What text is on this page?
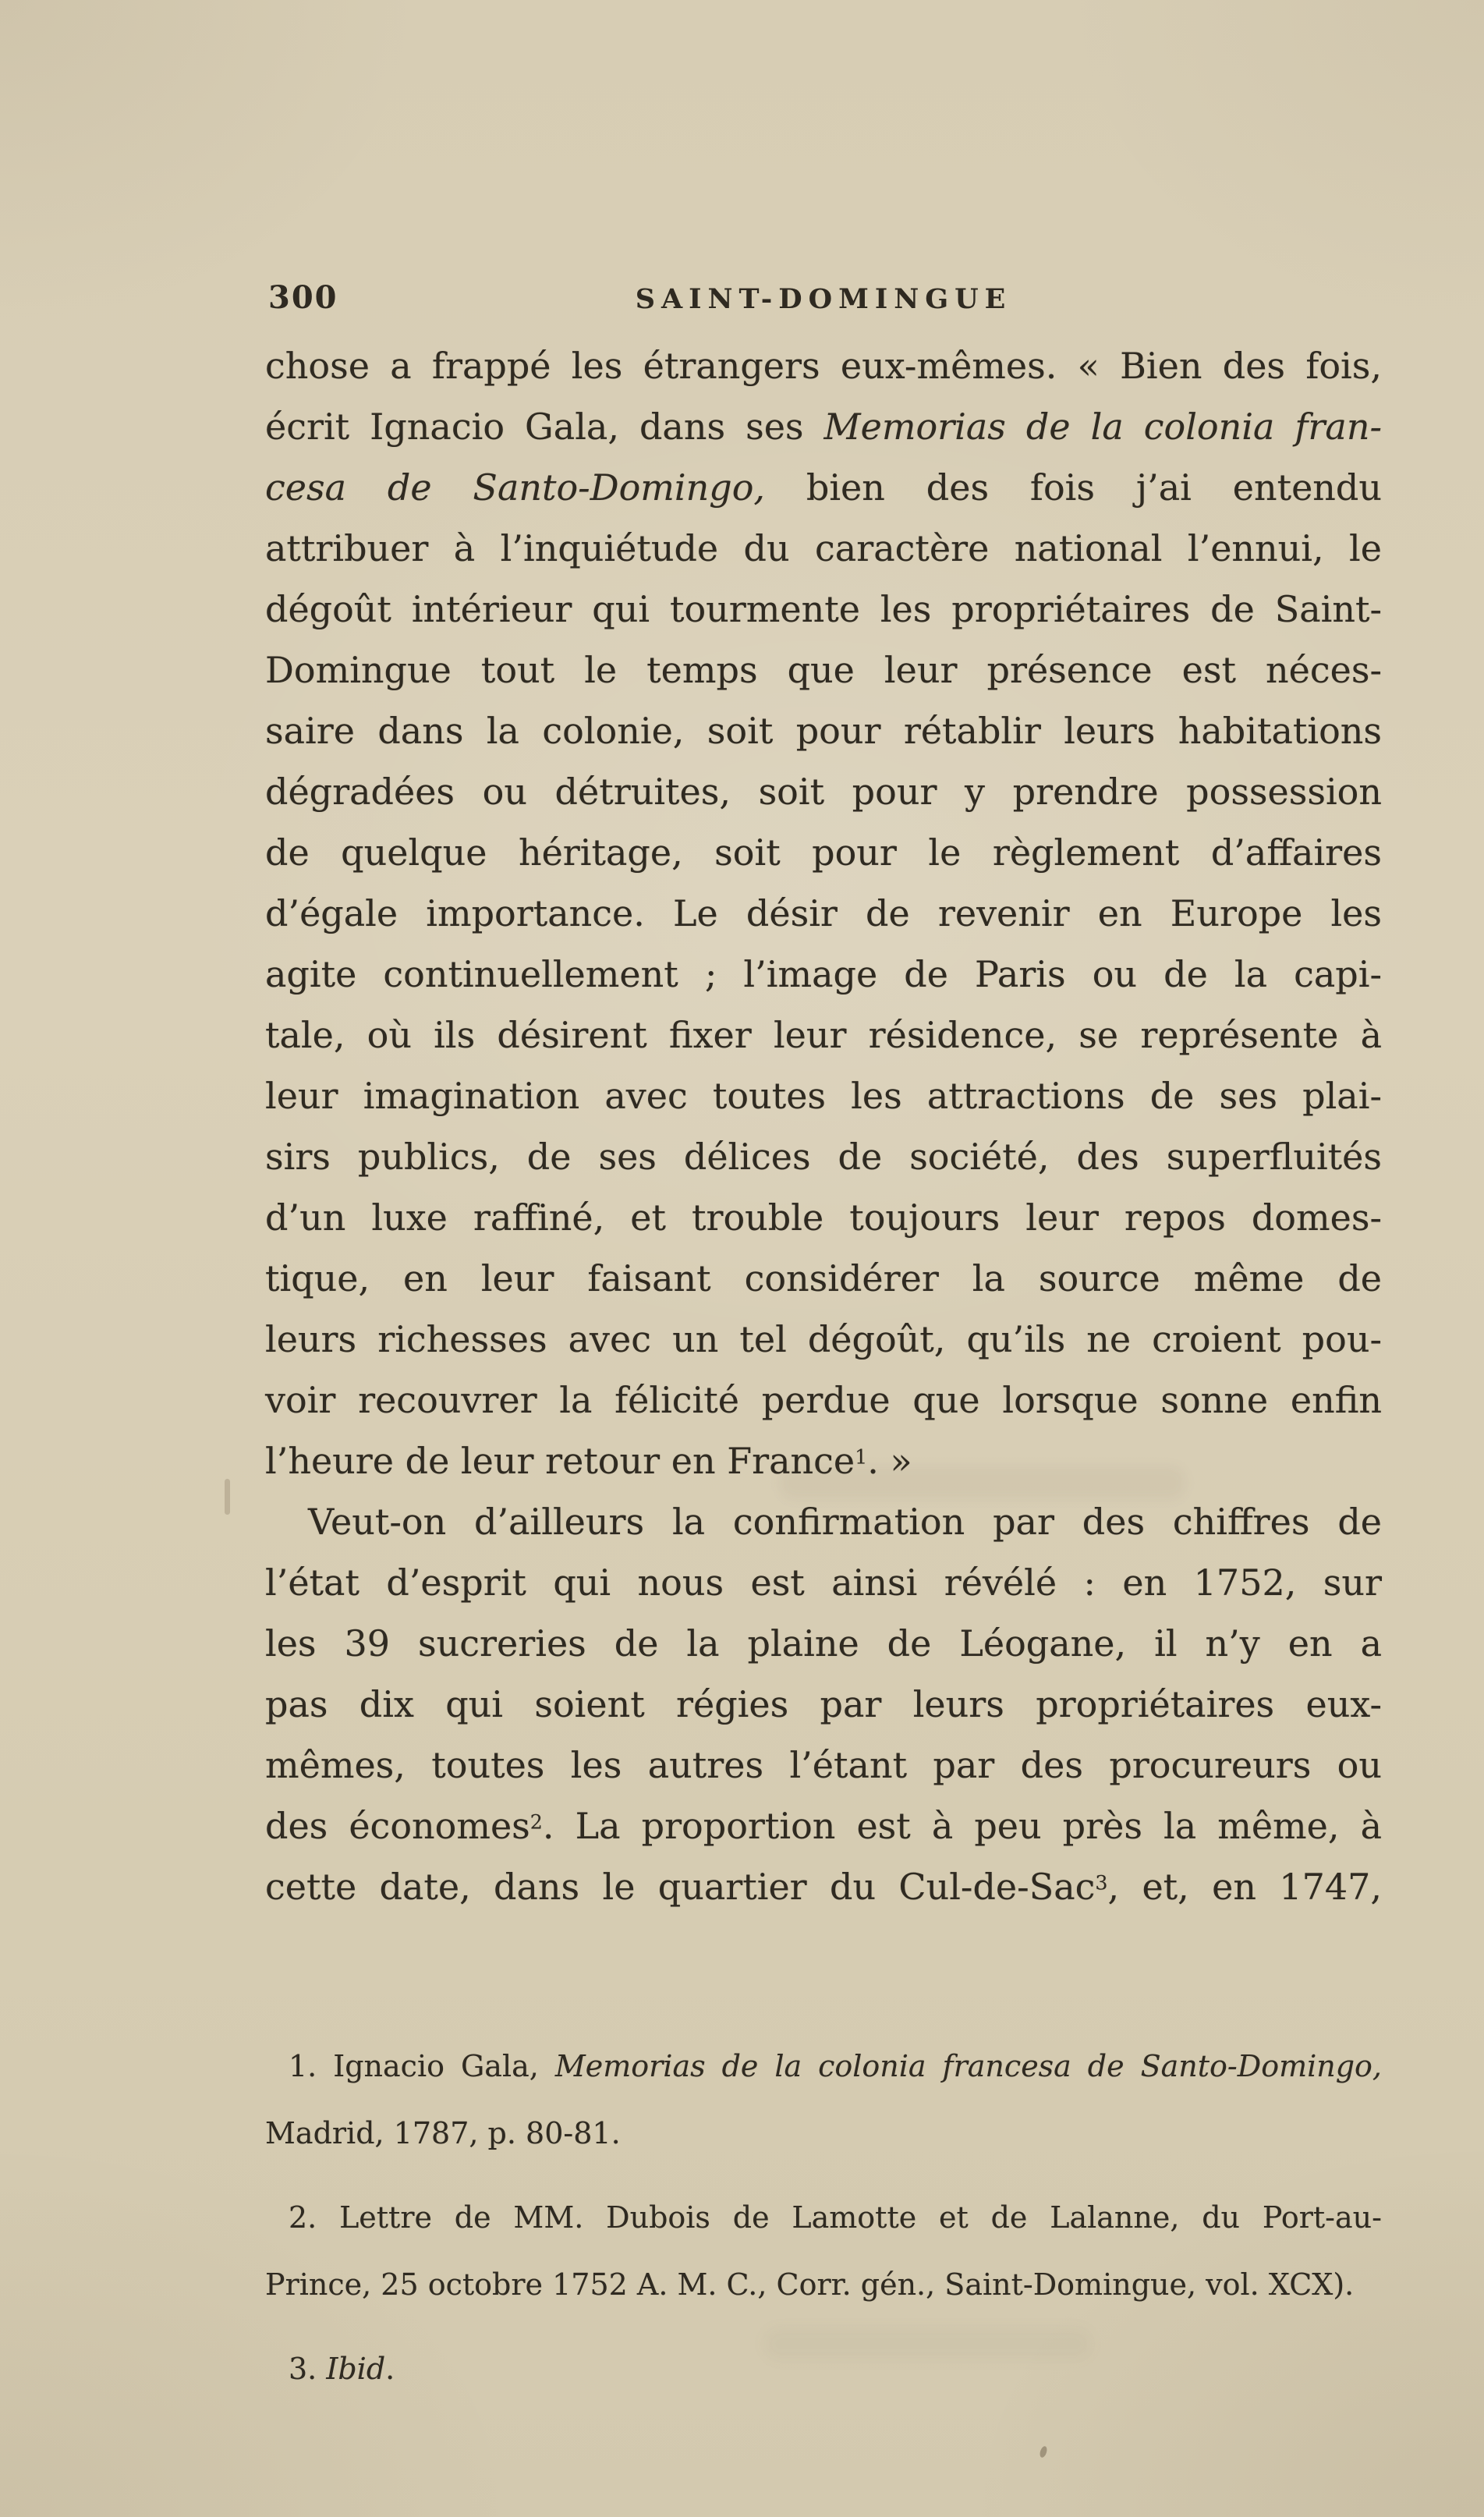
300	SAINT-DOMINGUE
chose a frappé les étrangers eux-mêmes. « Bien des fois,
écrit Ignacio Gala, dans ses Memorias de la colonia fran-
cesa de Santo-Domingo, bien des fois j’ai entendu
attribuer à l’inquiétude du caractère national l’ennui, le
dégoût intérieur qui tourmente les propriétaires de Saint-
Domingue tout le temps que leur présence est néces-
saire dans la colonie, soit pour rétablir leurs habitations
dégradées ou détruites, soit pour y prendre possession
de quelque héritage, soit pour le règlement d’affaires
d’égale importance. Le désir de revenir en Europe les
agite continuellement ; l’image de Paris ou de la capi-
tale, où ils désirent fixer leur résidence, se représente à
leur imagination avec toutes les attractions de ses plai-
sirs publics, de ses délices de société, des superfluités
d’un luxe raffiné, et trouble toujours leur repos domes-
tique, en leur faisant considérer la source même de
leurs richesses avec un tel dégoût, qu’ils ne croient pou-
voir recouvrer la félicité perdue que lorsque sonne enfin
l’heure de leur retour en France$^1$. »
Veut-on d’ailleurs la confirmation par des chiffres de
l’état d’esprit qui nous est ainsi révélé : en 1752, sur
les 39 sucreries de la plaine de Léogane, il n’y en a
pas dix qui soient régies par leurs propriétaires eux-
mêmes, toutes les autres l’étant par des procureurs ou
des économes$^2$. La proportion est à peu près la même, à
cette date, dans le quartier du Cul-de-Sac$^3$, et, en 1747,
1. Ignacio Gala, Memorias de la colonia francesa de Santo-Domingo,
Madrid, 1787, p. 80-81.
2. Lettre de MM. Dubois de Lamotte et de Lalanne, du Port-au-
Prince, 25 octobre 1752 A. M. C., Corr. gén., Saint-Domingue, vol. XCX).
3. Ibid.
